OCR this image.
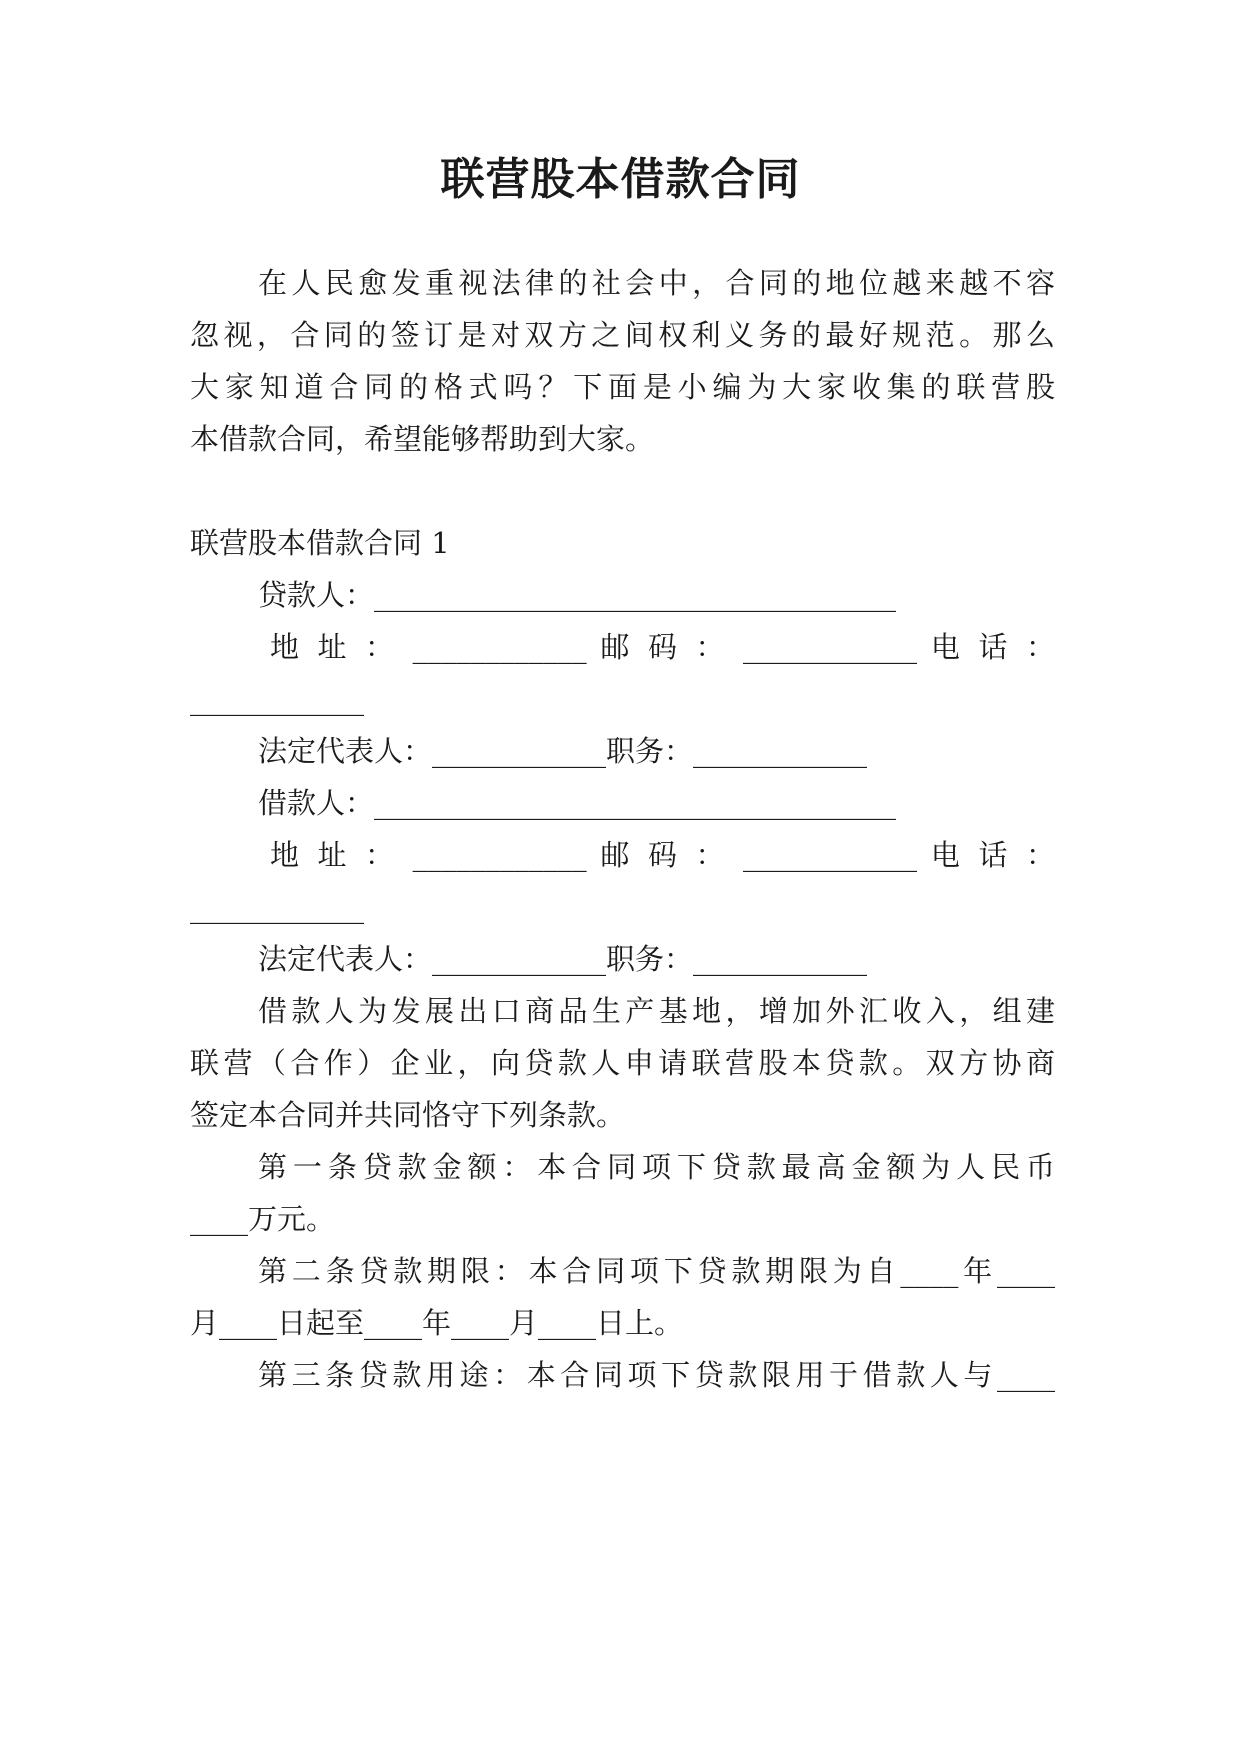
联营股本借款合同

在人民愈发重视法律的社会中，合同的地位越来越不容

忽视，合同的签订是对双方之间权利义务的最好规范。那么

大家知道合同的格式吗？下面是小编为大家收集的联营股

本借款合同，希望能够帮助到大家。

联营股本借款合同 1

贷款人：____________________________________

地 址 ： ____________ 邮 码 ： ____________ 电 话 ：

____________

法定代表人：____________职务：____________

借款人：____________________________________

地 址 ： ____________ 邮 码 ： ____________ 电 话 ：

____________

法定代表人：____________职务：____________

借款人为发展出口商品生产基地，增加外汇收入，组建

联营（合作）企业，向贷款人申请联营股本贷款。双方协商

签定本合同并共同恪守下列条款。

第一条贷款金额：本合同项下贷款最高金额为人民币

____万元。

第二条贷款期限：本合同项下贷款期限为自____年____

月____日起至____年____月____日上。

第三条贷款用途：本合同项下贷款限用于借款人与____
